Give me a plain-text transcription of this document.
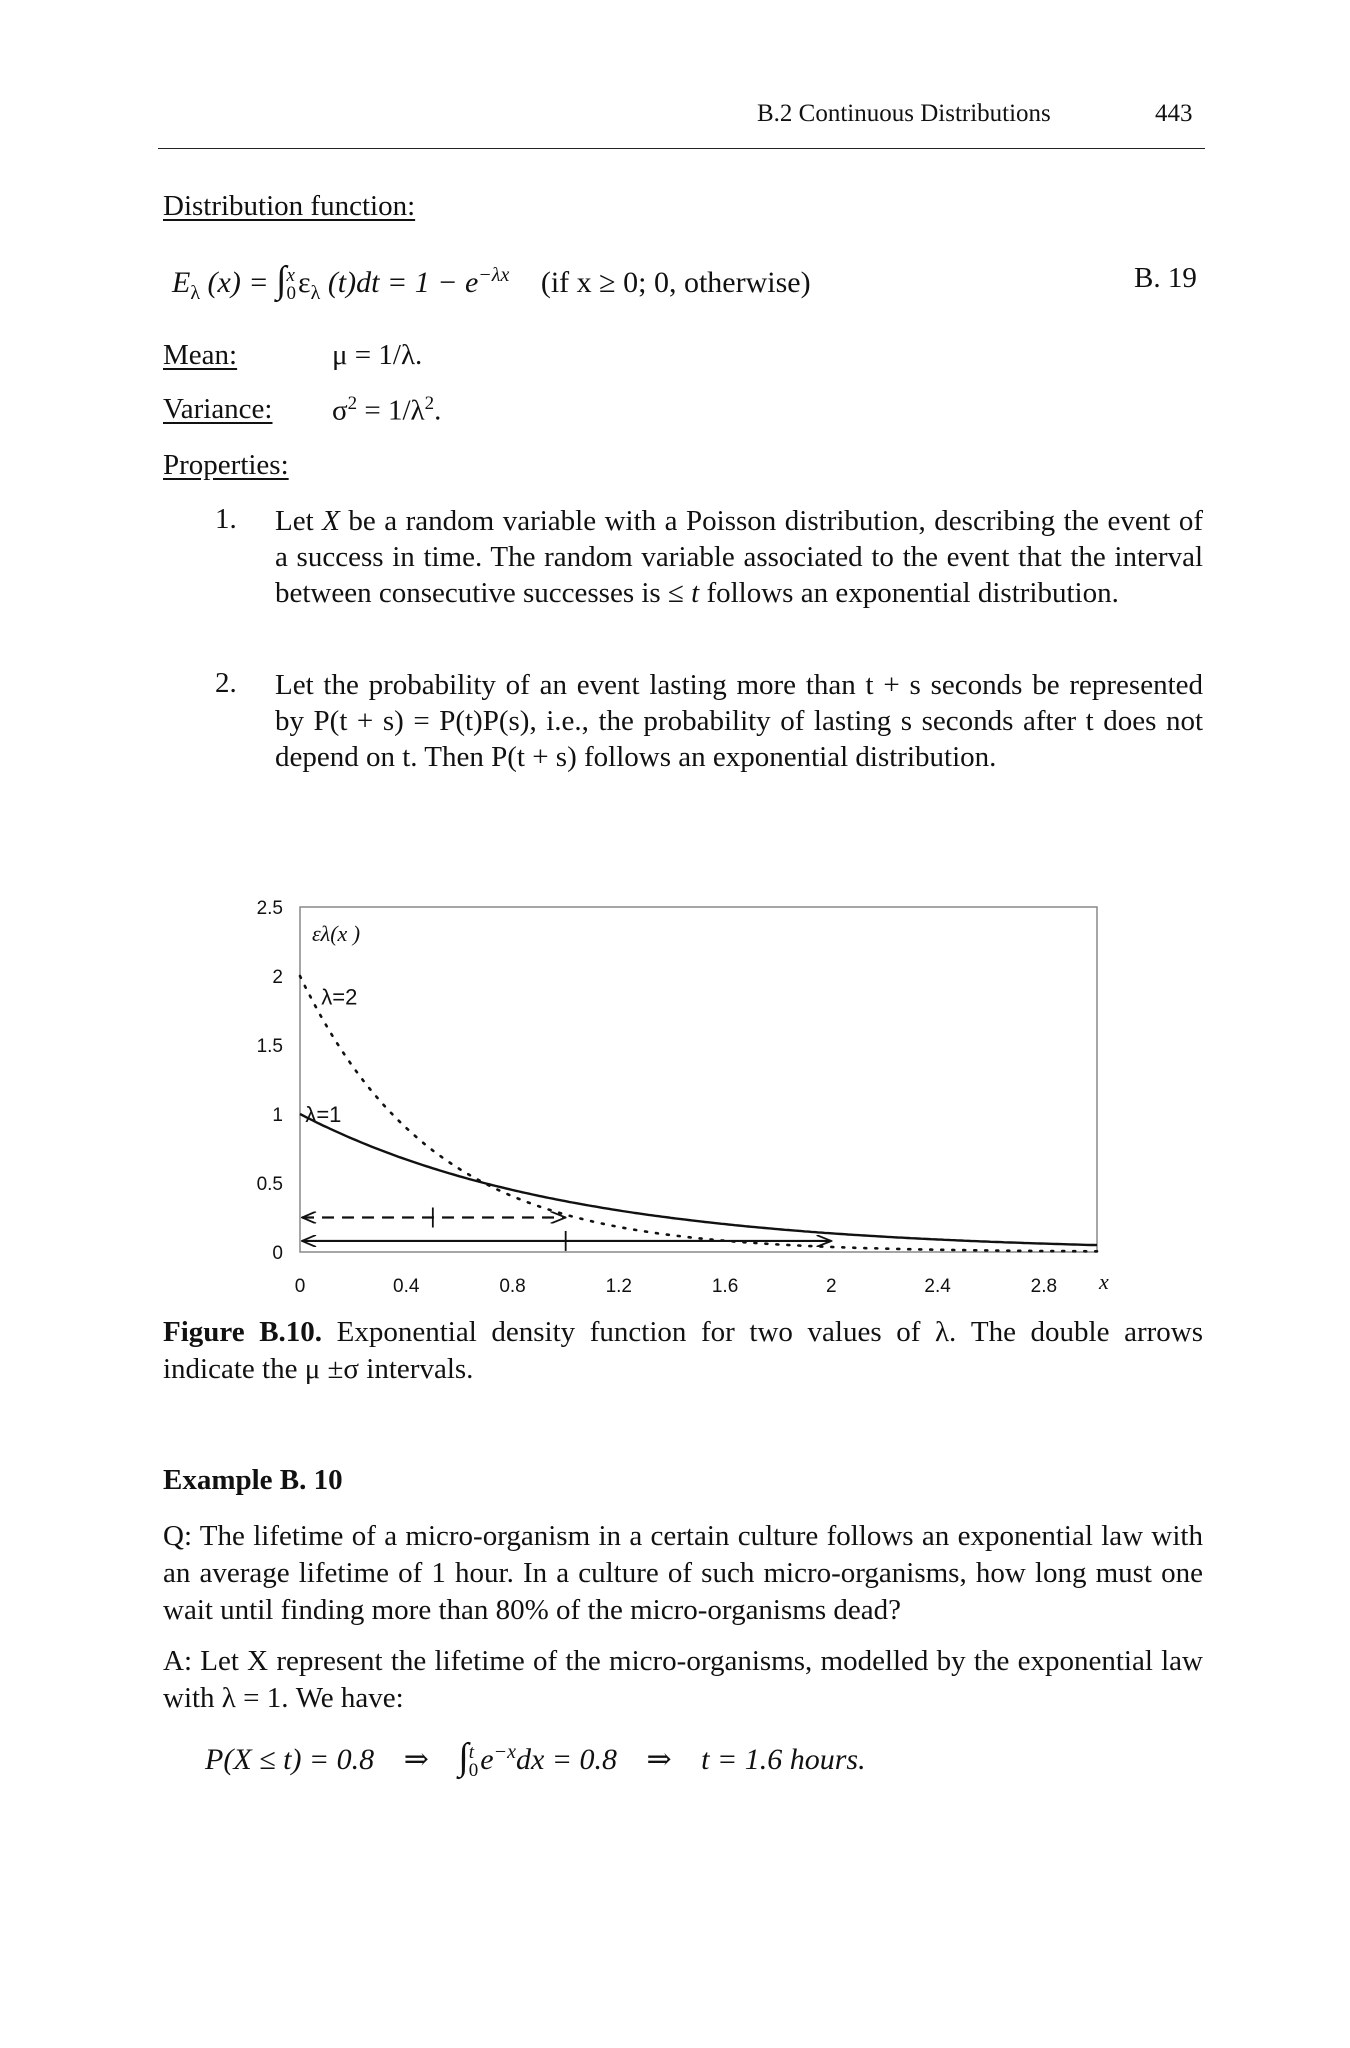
B.2 Continuous Distributions	443
Distribution function:
$E_\lambda$ (x) = ∫ x
0 $\varepsilon_\lambda$ $(t)dt = 1 - e^{-\lambda x}$ (if x ≥ 0; 0, otherwise)	B. 19
Mean:	μ = 1/λ.
Variance: $\sigma^2 = 1/\lambda^2$.
Properties:
1. Let X be a random variable with a Poisson distribution, describing the event of a success in time. The random variable associated to the event that the interval between consecutive successes is ≤ t follows an exponential distribution.

2. Let the probability of an event lasting more than t + s seconds be represented by P(t + s) = P(t)P(s), i.e., the probability of lasting s seconds after t does not depend on t. Then P(t + s) follows an exponential distribution.
0
0.5
1
1.5
2
2.5
0	0.4	0.8	1.2	1.6	2	2.4	2.8 x
ελ(x )
λ=2
λ=1
Figure B.10. Exponential density function for two values of λ. The double arrows indicate the μ ±σ intervals.
Example B. 10
Q: The lifetime of a micro-organism in a certain culture follows an exponential law with an average lifetime of 1 hour. In a culture of such micro-organisms, how long must one wait until finding more than 80% of the micro-organisms dead?
A: Let X represent the lifetime of the micro-organisms, modelled by the exponential law with λ = 1. We have:
P(X ≤ t) = 0.8 ⇒ ∫ t
0 $e^{-x}dx = 0.8$ ⇒ t = 1.6 hours.
